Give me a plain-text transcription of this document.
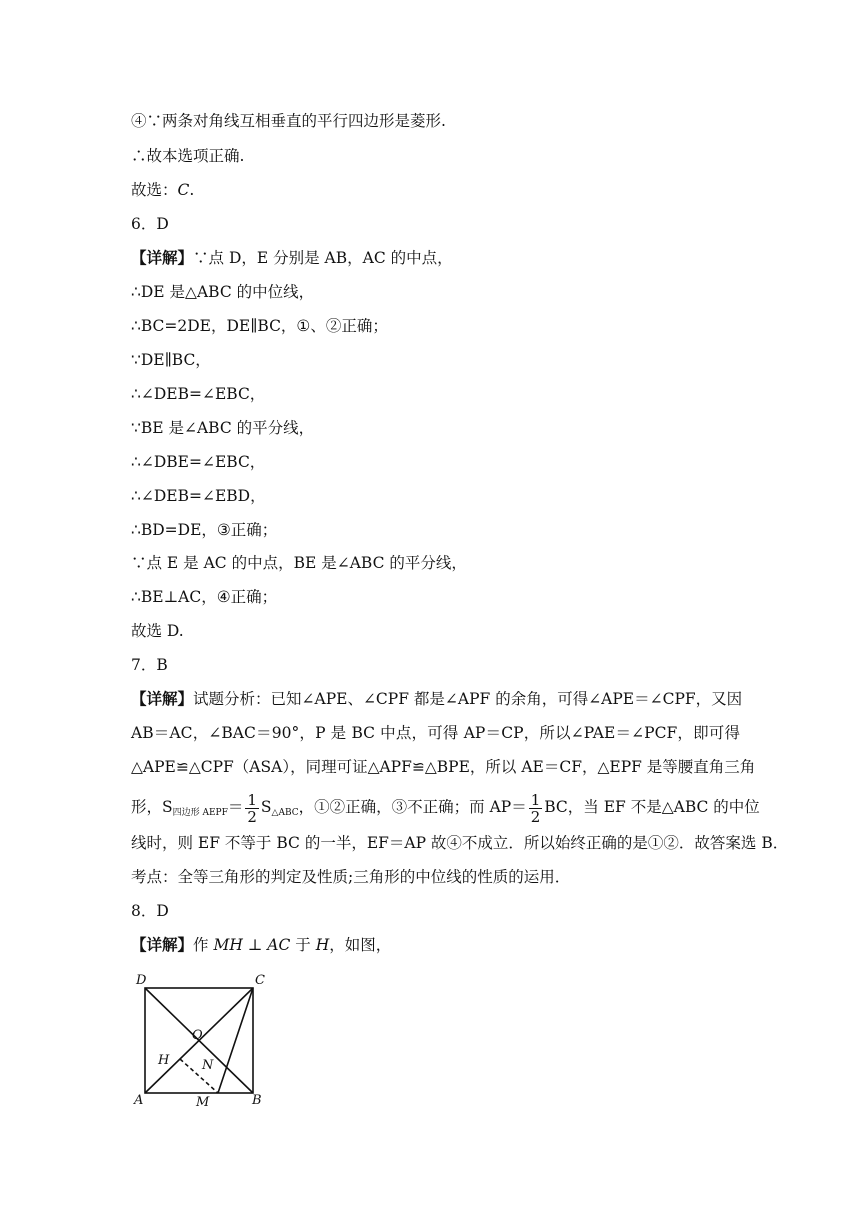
④∵两条对角线互相垂直的平行四边形是菱形.
∴故本选项正确.
故选：C.
6．D
【详解】∵点 D，E 分别是 AB，AC 的中点，
∴DE 是△ABC 的中位线，
∴BC=2DE，DE∥BC，①、②正确；
∵DE∥BC，
∴∠DEB=∠EBC，
∵BE 是∠ABC 的平分线，
∴∠DBE=∠EBC，
∴∠DEB=∠EBD，
∴BD=DE，③正确；
∵点 E 是 AC 的中点，BE 是∠ABC 的平分线，
∴BE⊥AC，④正确；
故选 D.
7．B
【详解】试题分析：已知∠APE、∠CPF 都是∠APF 的余角，可得∠APE＝∠CPF，又因
AB＝AC，∠BAC＝90°，P 是 BC 中点，可得 AP＝CP，所以∠PAE＝∠PCF，即可得
△APE≌△CPF（ASA），同理可证△APF≌△BPE，所以 AE＝CF，△EPF 是等腰直角三角
形，$S_{四边形 AEPF}= \frac{1}{2} S_{\triangle ABC}$，①②正确，③不正确；而 $AP= \frac{1}{2}$ BC，当 EF 不是△ABC 的中位
线时，则 EF 不等于 BC 的一半，EF＝AP 故④不成立．所以始终正确的是①②．故答案选 B．
考点：全等三角形的判定及性质;三角形的中位线的性质的运用．
8．D
【详解】作 MH ⊥ AC 于 H，如图，
D	C
O
H	N
A	M	B
